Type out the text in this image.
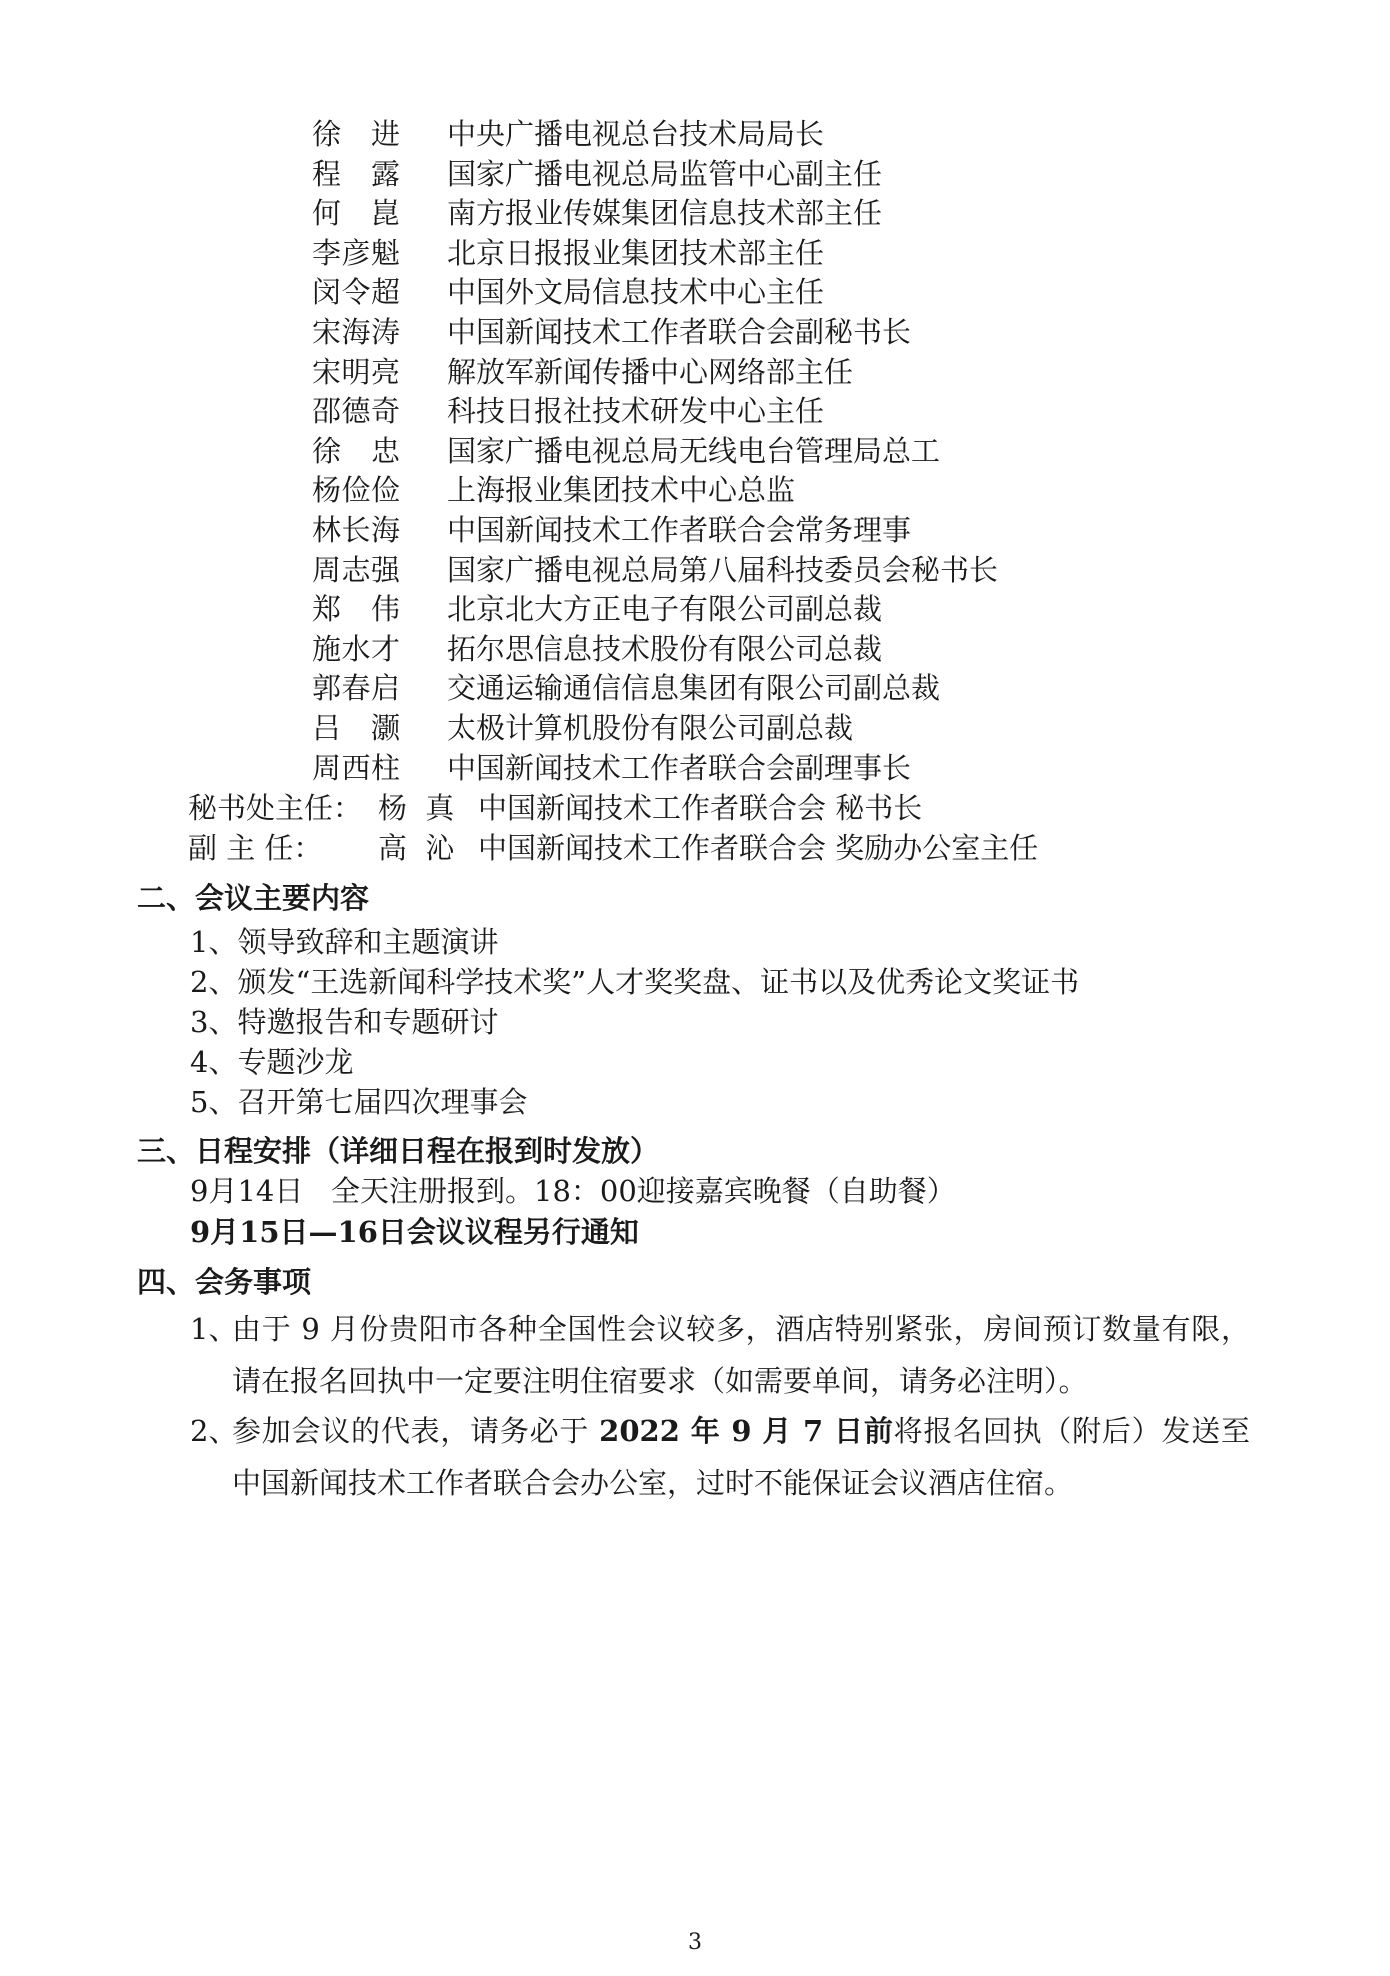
徐进 中央广播电视总台技术局局长
程露 国家广播电视总局监管中心副主任
何崑 南方报业传媒集团信息技术部主任
李彦魁 北京日报报业集团技术部主任
闵令超 中国外文局信息技术中心主任
宋海涛 中国新闻技术工作者联合会副秘书长
宋明亮 解放军新闻传播中心网络部主任
邵德奇 科技日报社技术研发中心主任
徐忠 国家广播电视总局无线电台管理局总工
杨俭俭 上海报业集团技术中心总监
林长海 中国新闻技术工作者联合会常务理事
周志强 国家广播电视总局第八届科技委员会秘书长
郑伟 北京北大方正电子有限公司副总裁
施水才 拓尔思信息技术股份有限公司总裁
郭春启 交通运输通信信息集团有限公司副总裁
吕灏 太极计算机股份有限公司副总裁
周西柱 中国新闻技术工作者联合会副理事长
秘书处主任： 杨  真 中国新闻技术工作者联合会 秘书长
副 主 任： 高  沁 中国新闻技术工作者联合会 奖励办公室主任
二、会议主要内容
1、领导致辞和主题演讲
2、颁发“王选新闻科学技术奖”人才奖奖盘、证书以及优秀论文奖证书
3、特邀报告和专题研讨
4、专题沙龙
5、召开第七届四次理事会
三、日程安排（详细日程在报到时发放）
9月14日   全天注册报到。18：00迎接嘉宾晚餐（自助餐）
9月15日—16日会议议程另行通知
四、会务事项
1、
由于 9 月份贵阳市各种全国性会议较多，酒店特别紧张，房间预订数量有限，请在报名回执中一定要注明住宿要求（如需要单间，请务必注明）。
2、
参加会议的代表，请务必于 2022 年 9 月 7 日前将报名回执（附后）发送至中国新闻技术工作者联合会办公室，过时不能保证会议酒店住宿。
3
